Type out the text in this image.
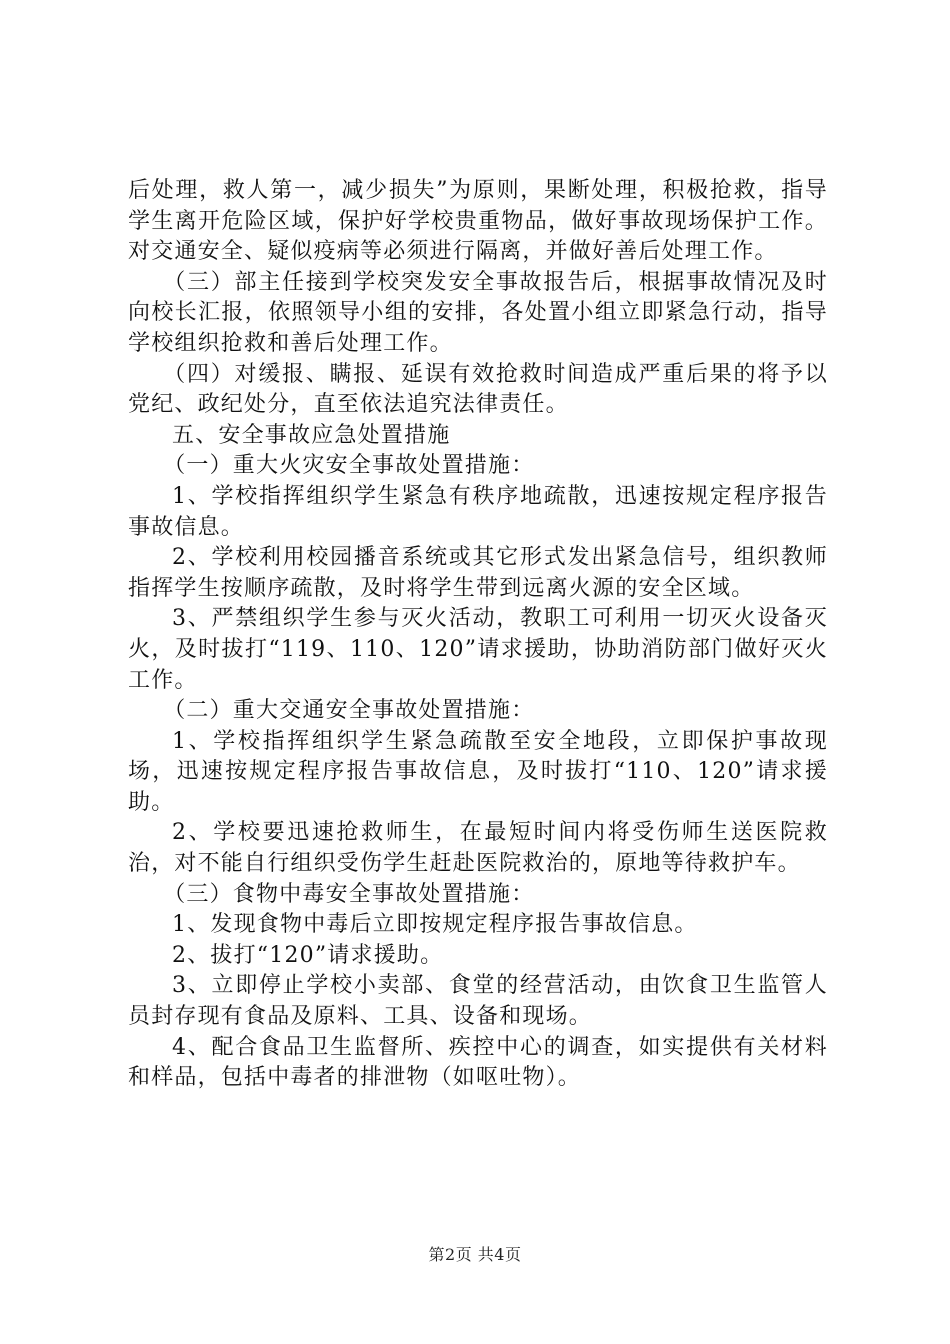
后处理，救人第一，减少损失”为原则，果断处理，积极抢救，指导学生离开危险区域，保护好学校贵重物品，做好事故现场保护工作。对交通安全、疑似疫病等必须进行隔离，并做好善后处理工作。

（三）部主任接到学校突发安全事故报告后，根据事故情况及时向校长汇报，依照领导小组的安排，各处置小组立即紧急行动，指导学校组织抢救和善后处理工作。

（四）对缓报、瞒报、延误有效抢救时间造成严重后果的将予以党纪、政纪处分，直至依法追究法律责任。

五、安全事故应急处置措施

（一）重大火灾安全事故处置措施：

1、学校指挥组织学生紧急有秩序地疏散，迅速按规定程序报告事故信息。

2、学校利用校园播音系统或其它形式发出紧急信号，组织教师指挥学生按顺序疏散，及时将学生带到远离火源的安全区域。

3、严禁组织学生参与灭火活动，教职工可利用一切灭火设备灭火，及时拔打“119、110、120”请求援助，协助消防部门做好灭火工作。

（二）重大交通安全事故处置措施：

1、学校指挥组织学生紧急疏散至安全地段，立即保护事故现场，迅速按规定程序报告事故信息，及时拔打“110、120”请求援助。

2、学校要迅速抢救师生，在最短时间内将受伤师生送医院救治，对不能自行组织受伤学生赶赴医院救治的，原地等待救护车。

（三）食物中毒安全事故处置措施：

1、发现食物中毒后立即按规定程序报告事故信息。

2、拔打“120”请求援助。

3、立即停止学校小卖部、食堂的经营活动，由饮食卫生监管人员封存现有食品及原料、工具、设备和现场。

4、配合食品卫生监督所、疾控中心的调查，如实提供有关材料和样品，包括中毒者的排泄物（如呕吐物）。

第2页 共4页
